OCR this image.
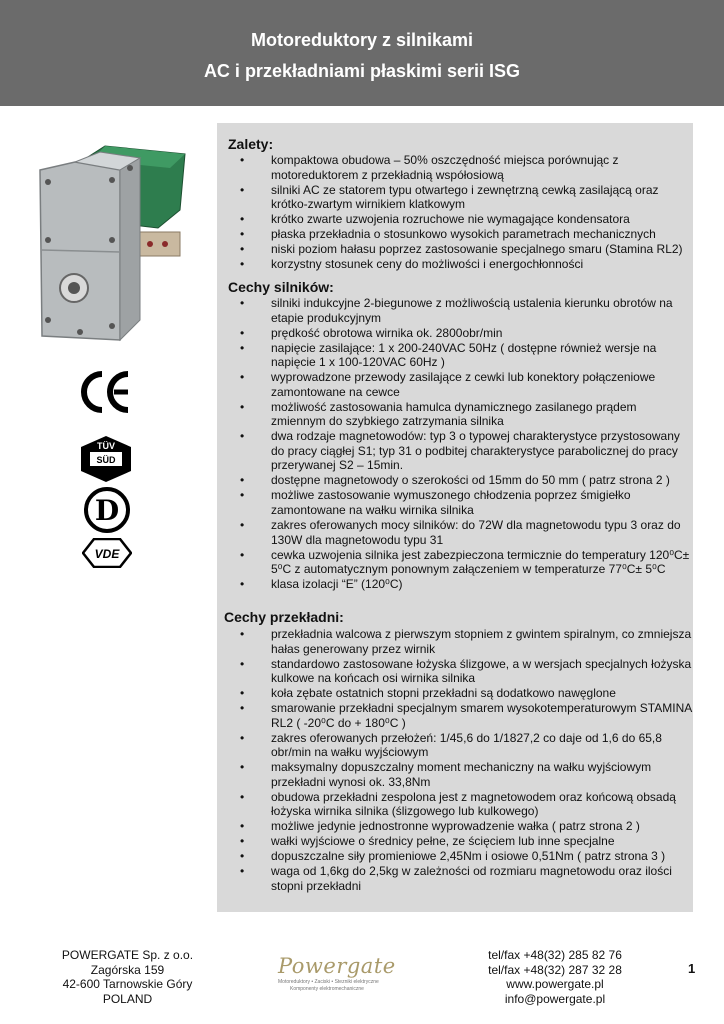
Motoreduktory z silnikami
AC i przekładniami płaskimi serii ISG
TÜV
SÜD
D
VDE
Zalety:
• kompaktowa obudowa – 50% oszczędność miejsca porównując z motoreduktorem z przekładnią współosiową
• silniki AC ze statorem typu otwartego i zewnętrzną cewką zasilającą oraz krótko-zwartym wirnikiem klatkowym
• krótko zwarte uzwojenia rozruchowe nie wymagające kondensatora
• płaska przekładnia o stosunkowo wysokich parametrach mechanicznych
• niski poziom hałasu poprzez zastosowanie specjalnego smaru (Stamina RL2)
• korzystny stosunek ceny do możliwości i energochłonności
Cechy silników:
• silniki indukcyjne 2-biegunowe z możliwością ustalenia kierunku obrotów na etapie produkcyjnym
• prędkość obrotowa wirnika ok. 2800obr/min
• napięcie zasilające: 1 x 200-240VAC 50Hz ( dostępne również wersje na napięcie 1 x 100-120VAC 60Hz )
• wyprowadzone przewody zasilające z cewki lub konektory połączeniowe zamontowane na cewce
• możliwość zastosowania hamulca dynamicznego zasilanego prądem zmiennym do szybkiego zatrzymania silnika
• dwa rodzaje magnetowodów: typ 3 o typowej charakterystyce przystosowany do pracy ciągłej S1; typ 31 o podbitej charakterystyce parabolicznej do pracy przerywanej S2 – 15min.
• dostępne magnetowody o szerokości od 15mm do 50 mm ( patrz strona 2 )
• możliwe zastosowanie wymuszonego chłodzenia poprzez śmigiełko zamontowane na wałku wirnika silnika
• zakres oferowanych mocy silników: do 72W dla magnetowodu typu 3 oraz do 130W dla magnetowodu typu 31
• cewka uzwojenia silnika jest zabezpieczona termicznie do temperatury 120⁰C± 5⁰C z automatycznym ponownym załączeniem w temperaturze 77⁰C± 5⁰C
• klasa izolacji “E” (120⁰C)
Cechy przekładni:
• przekładnia walcowa z pierwszym stopniem z gwintem spiralnym, co zmniejsza hałas generowany przez wirnik
• standardowo zastosowane łożyska ślizgowe, a w wersjach specjalnych łożyska kulkowe na końcach osi wirnika silnika
• koła zębate ostatnich stopni przekładni są dodatkowo nawęglone
• smarowanie przekładni specjalnym smarem wysokotemperaturowym STAMINA RL2 ( -20⁰C do + 180⁰C )
• zakres oferowanych przełożeń: 1/45,6 do 1/1827,2 co daje od 1,6 do 65,8 obr/min na wałku wyjściowym
• maksymalny dopuszczalny moment mechaniczny na wałku wyjściowym przekładni wynosi ok. 33,8Nm
• obudowa przekładni zespolona jest z magnetowodem oraz końcową obsadą łożyska wirnika silnika (ślizgowego lub kulkowego)
• możliwe jedynie jednostronne wyprowadzenie wałka ( patrz strona 2 )
• wałki wyjściowe o średnicy pełne, ze ścięciem lub inne specjalne
• dopuszczalne siły promieniowe 2,45Nm i osiowe 0,51Nm ( patrz strona 3 )
• waga od 1,6kg do 2,5kg w zależności od rozmiaru magnetowodu oraz ilości stopni przekładni
POWERGATE Sp. z o.o.
Zagórska 159
42-600 Tarnowskie Góry
POLAND
Powergate
Motoreduktory • Zaciski • Stezniki elektryczne
Komponenty elektromechaniczne
tel/fax +48(32) 285 82 76
tel/fax +48(32) 287 32 28
www.powergate.pl
info@powergate.pl
1
